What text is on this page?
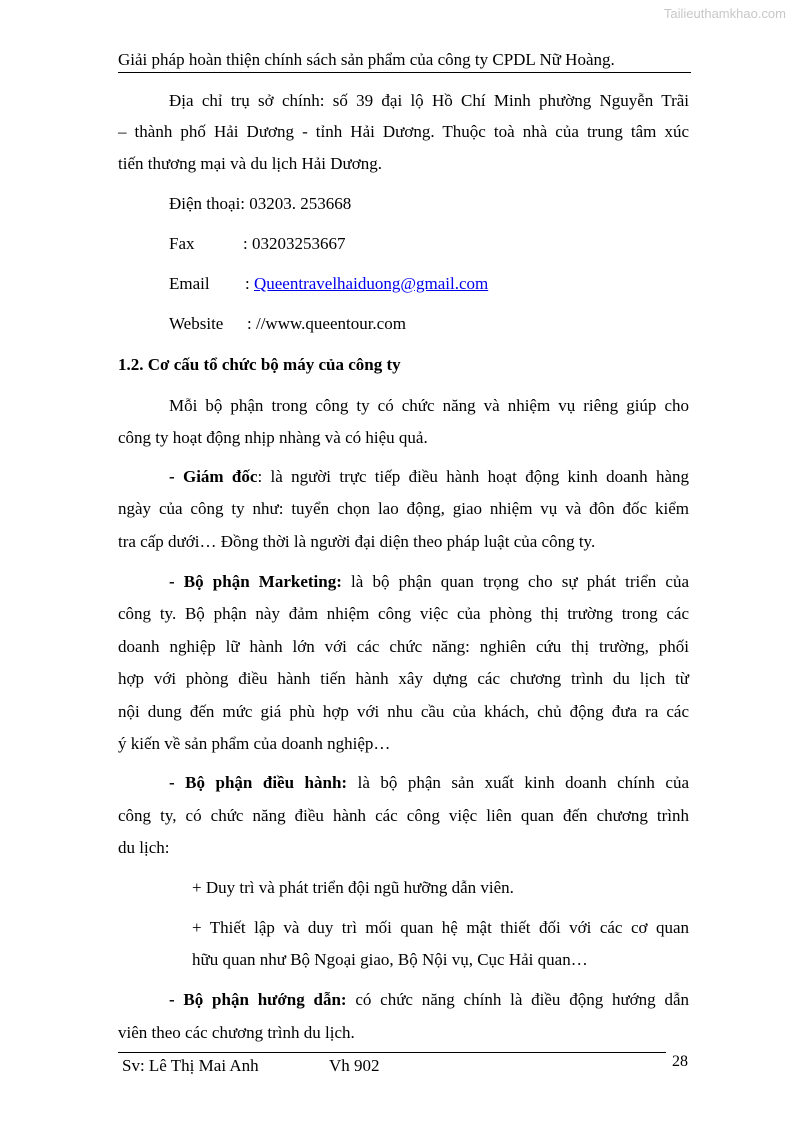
Tailieuthamkhao.com
Giải pháp hoàn thiện chính sách sản phẩm của công ty CPDL Nữ Hoàng.
Địa chỉ trụ sở chính: số 39 đại lộ Hồ Chí Minh phường Nguyễn Trãi
– thành phố Hải Dương - tỉnh Hải Dương. Thuộc toà nhà của trung tâm xúc
tiến thương mại và du lịch Hải Dương.
Điện thoại: 03203. 253668
Fax	: 03203253667
Email : Queentravelhaiduong@gmail.com
Website : //www.queentour.com
1.2. Cơ cấu tổ chức bộ máy của công ty
Mỗi bộ phận trong công ty có chức năng và nhiệm vụ riêng giúp cho
công ty hoạt động nhịp nhàng và có hiệu quả.
- Giám đốc: là người trực tiếp điều hành hoạt động kinh doanh hàng
ngày của công ty như: tuyển chọn lao động, giao nhiệm vụ và đôn đốc kiểm
tra cấp dưới… Đồng thời là người đại diện theo pháp luật của công ty.
- Bộ phận Marketing: là bộ phận quan trọng cho sự phát triển của
công ty. Bộ phận này đảm nhiệm công việc của phòng thị trường trong các
doanh nghiệp lữ hành lớn với các chức năng: nghiên cứu thị trường, phối
hợp với phòng điều hành tiến hành xây dựng các chương trình du lịch từ
nội dung đến mức giá phù hợp với nhu cầu của khách, chủ động đưa ra các
ý kiến về sản phẩm của doanh nghiệp…
- Bộ phận điều hành: là bộ phận sản xuất kinh doanh chính của
công ty, có chức năng điều hành các công việc liên quan đến chương trình
du lịch:
+ Duy trì và phát triển đội ngũ hưỡng dẫn viên.
+ Thiết lập và duy trì mối quan hệ mật thiết đối với các cơ quan
hữu quan như Bộ Ngoại giao, Bộ Nội vụ, Cục Hải quan…
- Bộ phận hướng dẫn: có chức năng chính là điều động hướng dẫn
viên theo các chương trình du lịch.
Sv: Lê Thị Mai Anh	Vh 902	28
